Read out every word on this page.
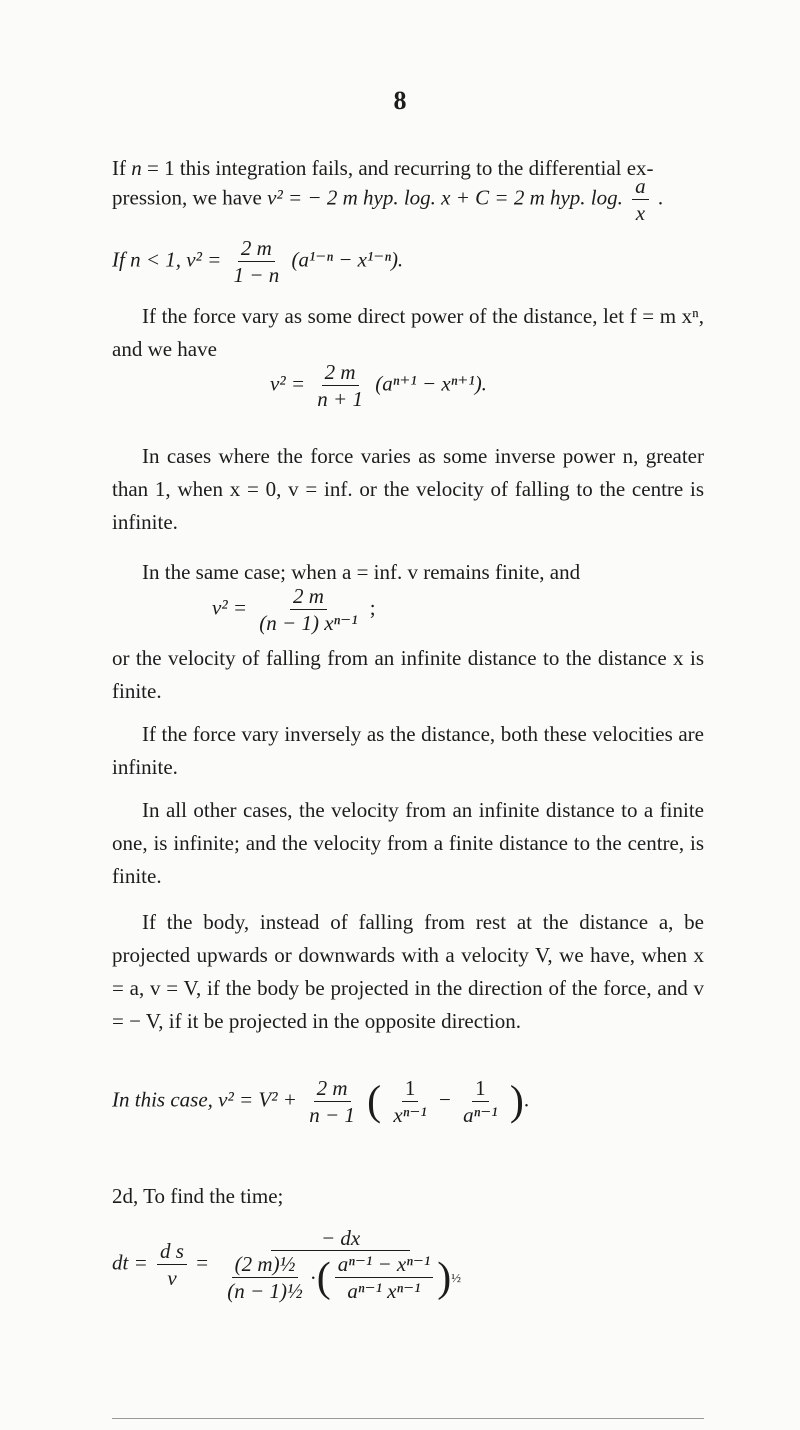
8
If n = 1 this integration fails, and recurring to the differential ex-
pression, we have v² = − 2 m hyp. log. x + C = 2 m hyp. log. $\frac{a}{x}$ .
If n < 1, $v^2 = \frac{2 m}{1 - n} (a^{1-n} - x^{1-n})$.
If the force vary as some direct power of the distance, let f = m xⁿ, and we have
$v^2 = \frac{2 m}{n + 1} (a^{n+1} - x^{n+1})$.
In cases where the force varies as some inverse power n, greater than 1, when x = 0, v = inf. or the velocity of falling to the centre is infinite.
In the same case; when a = inf. v remains finite, and
$v^2 = \frac{2 m}{\text{(n − 1) xⁿ⁻¹}}$ ;
or the velocity of falling from an infinite distance to the distance x is finite.
If the force vary inversely as the distance, both these velocities are infinite.
In all other cases, the velocity from an infinite distance to a finite one, is infinite; and the velocity from a finite distance to the centre, is finite.
If the body, instead of falling from rest at the distance a, be projected upwards or downwards with a velocity V, we have, when x = a, v = V, if the body be projected in the direction of the force, and v = − V, if it be projected in the opposite direction.
In this case, $v^2 = V^2 + \frac{2 m}{n - 1}$ ( $\frac{1}{\text{xⁿ⁻¹}} - \frac{1}{\text{aⁿ⁻¹}}$ ).
2d, To find the time;
dt = $\frac{\text{d s}}{v}$ =
− dx
$\frac{\text{(2 m)½}}{\text{(n − 1)½}}$ · ( $\frac{\text{aⁿ⁻¹ − xⁿ⁻¹}}{\text{aⁿ⁻¹ xⁿ⁻¹}}$ ) ½
